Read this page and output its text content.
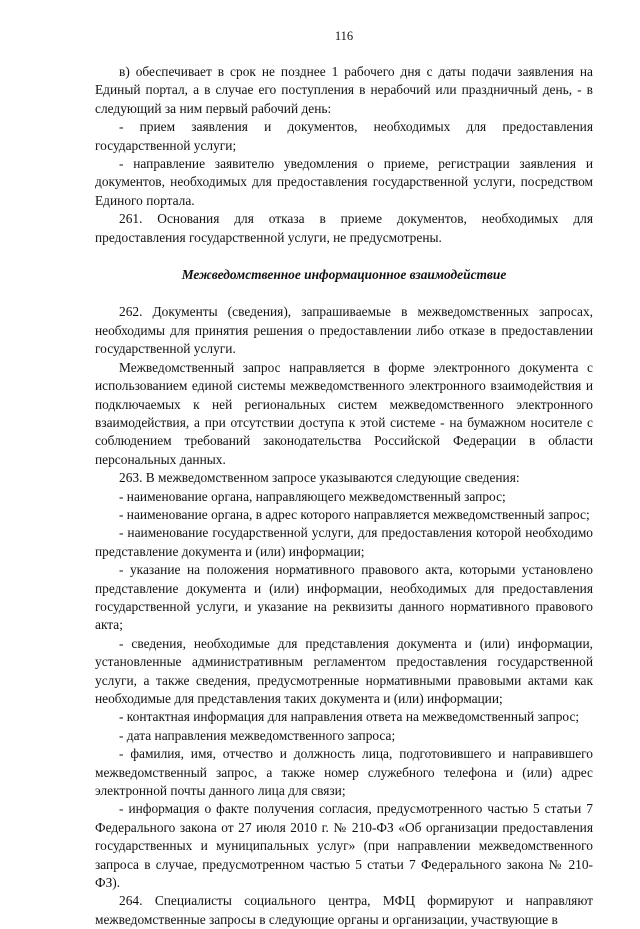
116

в) обеспечивает в срок не позднее 1 рабочего дня с даты подачи заявления на Единый портал, а в случае его поступления в нерабочий или праздничный день, - в следующий за ним первый рабочий день:

- прием заявления и документов, необходимых для предоставления государственной услуги;

- направление заявителю уведомления о приеме, регистрации заявления и документов, необходимых для предоставления государственной услуги, посредством Единого портала.

261. Основания для отказа в приеме документов, необходимых для предоставления государственной услуги, не предусмотрены.

Межведомственное информационное взаимодействие

262. Документы (сведения), запрашиваемые в межведомственных запросах, необходимы для принятия решения о предоставлении либо отказе в предоставлении государственной услуги.

Межведомственный запрос направляется в форме электронного документа с использованием единой системы межведомственного электронного взаимодействия и подключаемых к ней региональных систем межведомственного электронного взаимодействия, а при отсутствии доступа к этой системе - на бумажном носителе с соблюдением требований законодательства Российской Федерации в области персональных данных.

263. В межведомственном запросе указываются следующие сведения:

- наименование органа, направляющего межведомственный запрос;

- наименование органа, в адрес которого направляется межведомственный запрос;

- наименование государственной услуги, для предоставления которой необходимо представление документа и (или) информации;

- указание на положения нормативного правового акта, которыми установлено представление документа и (или) информации, необходимых для предоставления государственной услуги, и указание на реквизиты данного нормативного правового акта;

- сведения, необходимые для представления документа и (или) информации, установленные административным регламентом предоставления государственной услуги, а также сведения, предусмотренные нормативными правовыми актами как необходимые для представления таких документа и (или) информации;

- контактная информация для направления ответа на межведомственный запрос;

- дата направления межведомственного запроса;

- фамилия, имя, отчество и должность лица, подготовившего и направившего межведомственный запрос, а также номер служебного телефона и (или) адрес электронной почты данного лица для связи;

- информация о факте получения согласия, предусмотренного частью 5 статьи 7 Федерального закона от 27 июля 2010 г. № 210-ФЗ «Об организации предоставления государственных и муниципальных услуг» (при направлении межведомственного запроса в случае, предусмотренном частью 5 статьи 7 Федерального закона № 210-ФЗ).

264. Специалисты социального центра, МФЦ формируют и направляют межведомственные запросы в следующие органы и организации, участвующие в
